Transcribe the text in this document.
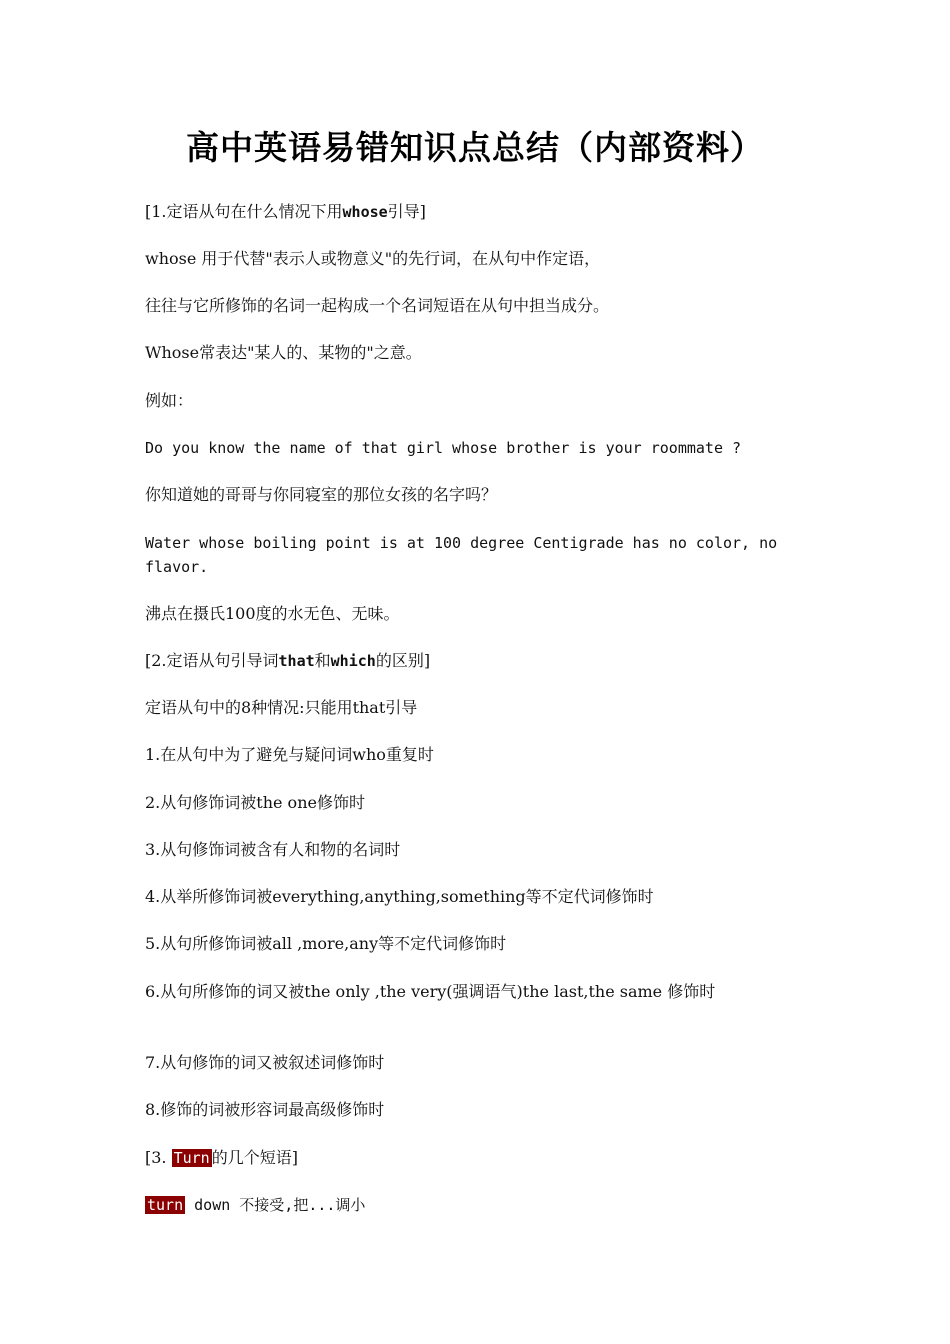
高中英语易错知识点总结（内部资料）
[1.定语从句在什么情况下用whose引导]
whose 用于代替"表示人或物意义"的先行词，在从句中作定语，
往往与它所修饰的名词一起构成一个名词短语在从句中担当成分。
Whose常表达"某人的、某物的"之意。
例如：
Do you know the name of that girl whose brother is your roommate ?
你知道她的哥哥与你同寝室的那位女孩的名字吗？
Water whose boiling point is at 100 degree Centigrade has no color, no flavor.
沸点在摄氏100度的水无色、无味。
[2.定语从句引导词that和which的区别]
定语从句中的8种情况:只能用that引导
1.在从句中为了避免与疑问词who重复时
2.从句修饰词被the one修饰时
3.从句修饰词被含有人和物的名词时
4.从举所修饰词被everything,anything,something等不定代词修饰时
5.从句所修饰词被all ,more,any等不定代词修饰时
6.从句所修饰的词又被the only ,the very(强调语气)the last,the same 修饰时
7.从句修饰的词又被叙述词修饰时
8.修饰的词被形容词最高级修饰时
[3. Turn 的几个短语]
turn down 不接受,把...调小
